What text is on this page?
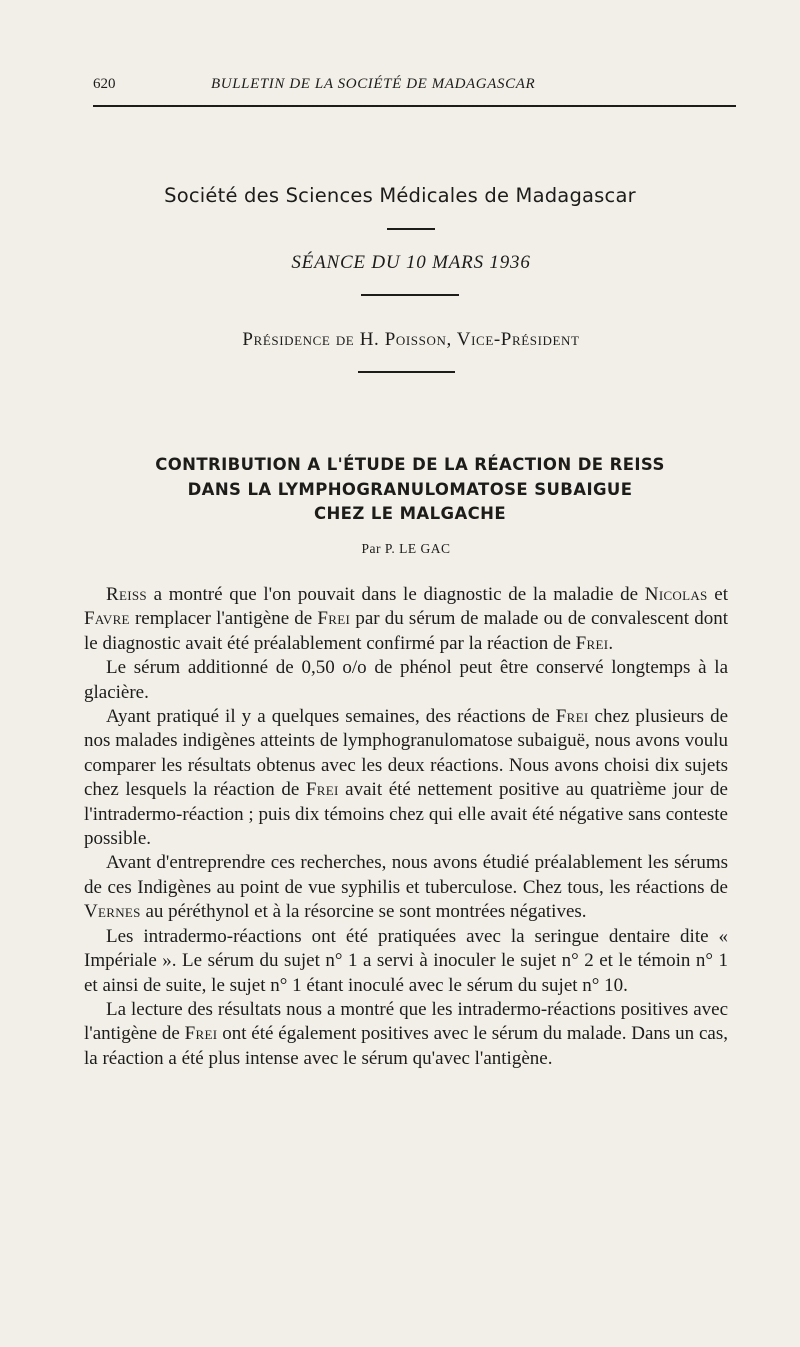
620	BULLETIN DE LA SOCIÉTÉ DE MADAGASCAR
Société des Sciences Médicales de Madagascar
SÉANCE DU 10 MARS 1936
Présidence de H. Poisson, Vice-Président
CONTRIBUTION A L'ÉTUDE DE LA RÉACTION DE REISS
DANS LA LYMPHOGRANULOMATOSE SUBAIGUE
CHEZ LE MALGACHE
Par P. LE GAC

Reiss a montré que l'on pouvait dans le diagnostic de la maladie de Nicolas et Favre remplacer l'antigène de Frei par du sérum de malade ou de convalescent dont le diagnostic avait été préalablement confirmé par la réaction de Frei.

Le sérum additionné de 0,50 o/o de phénol peut être conservé longtemps à la glacière.

Ayant pratiqué il y a quelques semaines, des réactions de Frei chez plusieurs de nos malades indigènes atteints de lymphogranulomatose subaiguë, nous avons voulu comparer les résultats obtenus avec les deux réactions. Nous avons choisi dix sujets chez lesquels la réaction de Frei avait été nettement positive au quatrième jour de l'intradermo-réaction ; puis dix témoins chez qui elle avait été négative sans conteste possible.

Avant d'entreprendre ces recherches, nous avons étudié préalablement les sérums de ces Indigènes au point de vue syphilis et tuberculose. Chez tous, les réactions de Vernes au péréthynol et à la résorcine se sont montrées négatives.

Les intradermo-réactions ont été pratiquées avec la seringue dentaire dite « Impériale ». Le sérum du sujet n° 1 a servi à inoculer le sujet n° 2 et le témoin n° 1 et ainsi de suite, le sujet n° 1 étant inoculé avec le sérum du sujet n° 10.

La lecture des résultats nous a montré que les intradermo-réactions positives avec l'antigène de Frei ont été également positives avec le sérum du malade. Dans un cas, la réaction a été plus intense avec le sérum qu'avec l'antigène.
